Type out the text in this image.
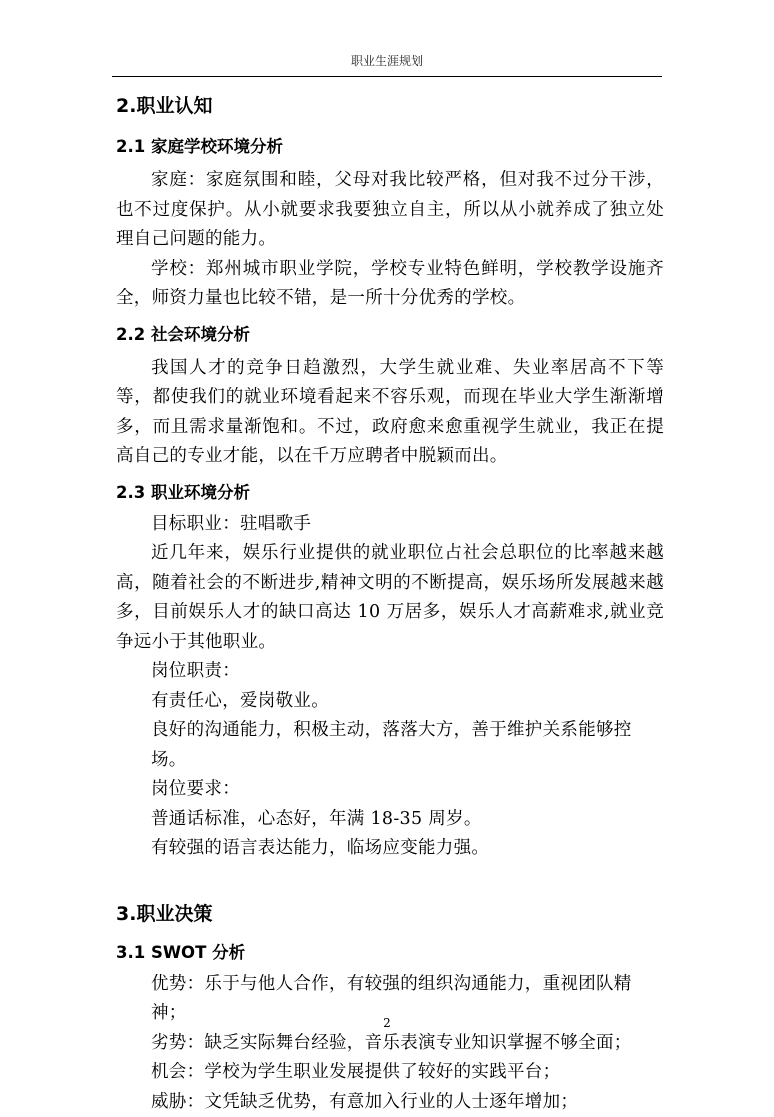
职业生涯规划
2.职业认知
2.1 家庭学校环境分析

家庭：家庭氛围和睦，父母对我比较严格，但对我不过分干涉，也不过度保护。从小就要求我要独立自主，所以从小就养成了独立处理自己问题的能力。

学校：郑州城市职业学院，学校专业特色鲜明，学校教学设施齐全，师资力量也比较不错，是一所十分优秀的学校。

2.2 社会环境分析

我国人才的竞争日趋激烈，大学生就业难、失业率居高不下等等，都使我们的就业环境看起来不容乐观，而现在毕业大学生渐渐增多，而且需求量渐饱和。不过，政府愈来愈重视学生就业，我正在提高自己的专业才能，以在千万应聘者中脱颖而出。

2.3 职业环境分析

目标职业：驻唱歌手

近几年来，娱乐行业提供的就业职位占社会总职位的比率越来越高，随着社会的不断进步,精神文明的不断提高，娱乐场所发展越来越多，目前娱乐人才的缺口高达 10 万居多，娱乐人才高薪难求,就业竞争远小于其他职业。

岗位职责：

有责任心，爱岗敬业。

良好的沟通能力，积极主动，落落大方，善于维护关系能够控场。

岗位要求：

普通话标准，心态好，年满 18-35 周岁。

有较强的语言表达能力，临场应变能力强。

3.职业决策
3.1 SWOT 分析

优势：乐于与他人合作，有较强的组织沟通能力，重视团队精神；

劣势：缺乏实际舞台经验，音乐表演专业知识掌握不够全面；

机会：学校为学生职业发展提供了较好的实践平台；

威胁：文凭缺乏优势，有意加入行业的人士逐年增加；

2
